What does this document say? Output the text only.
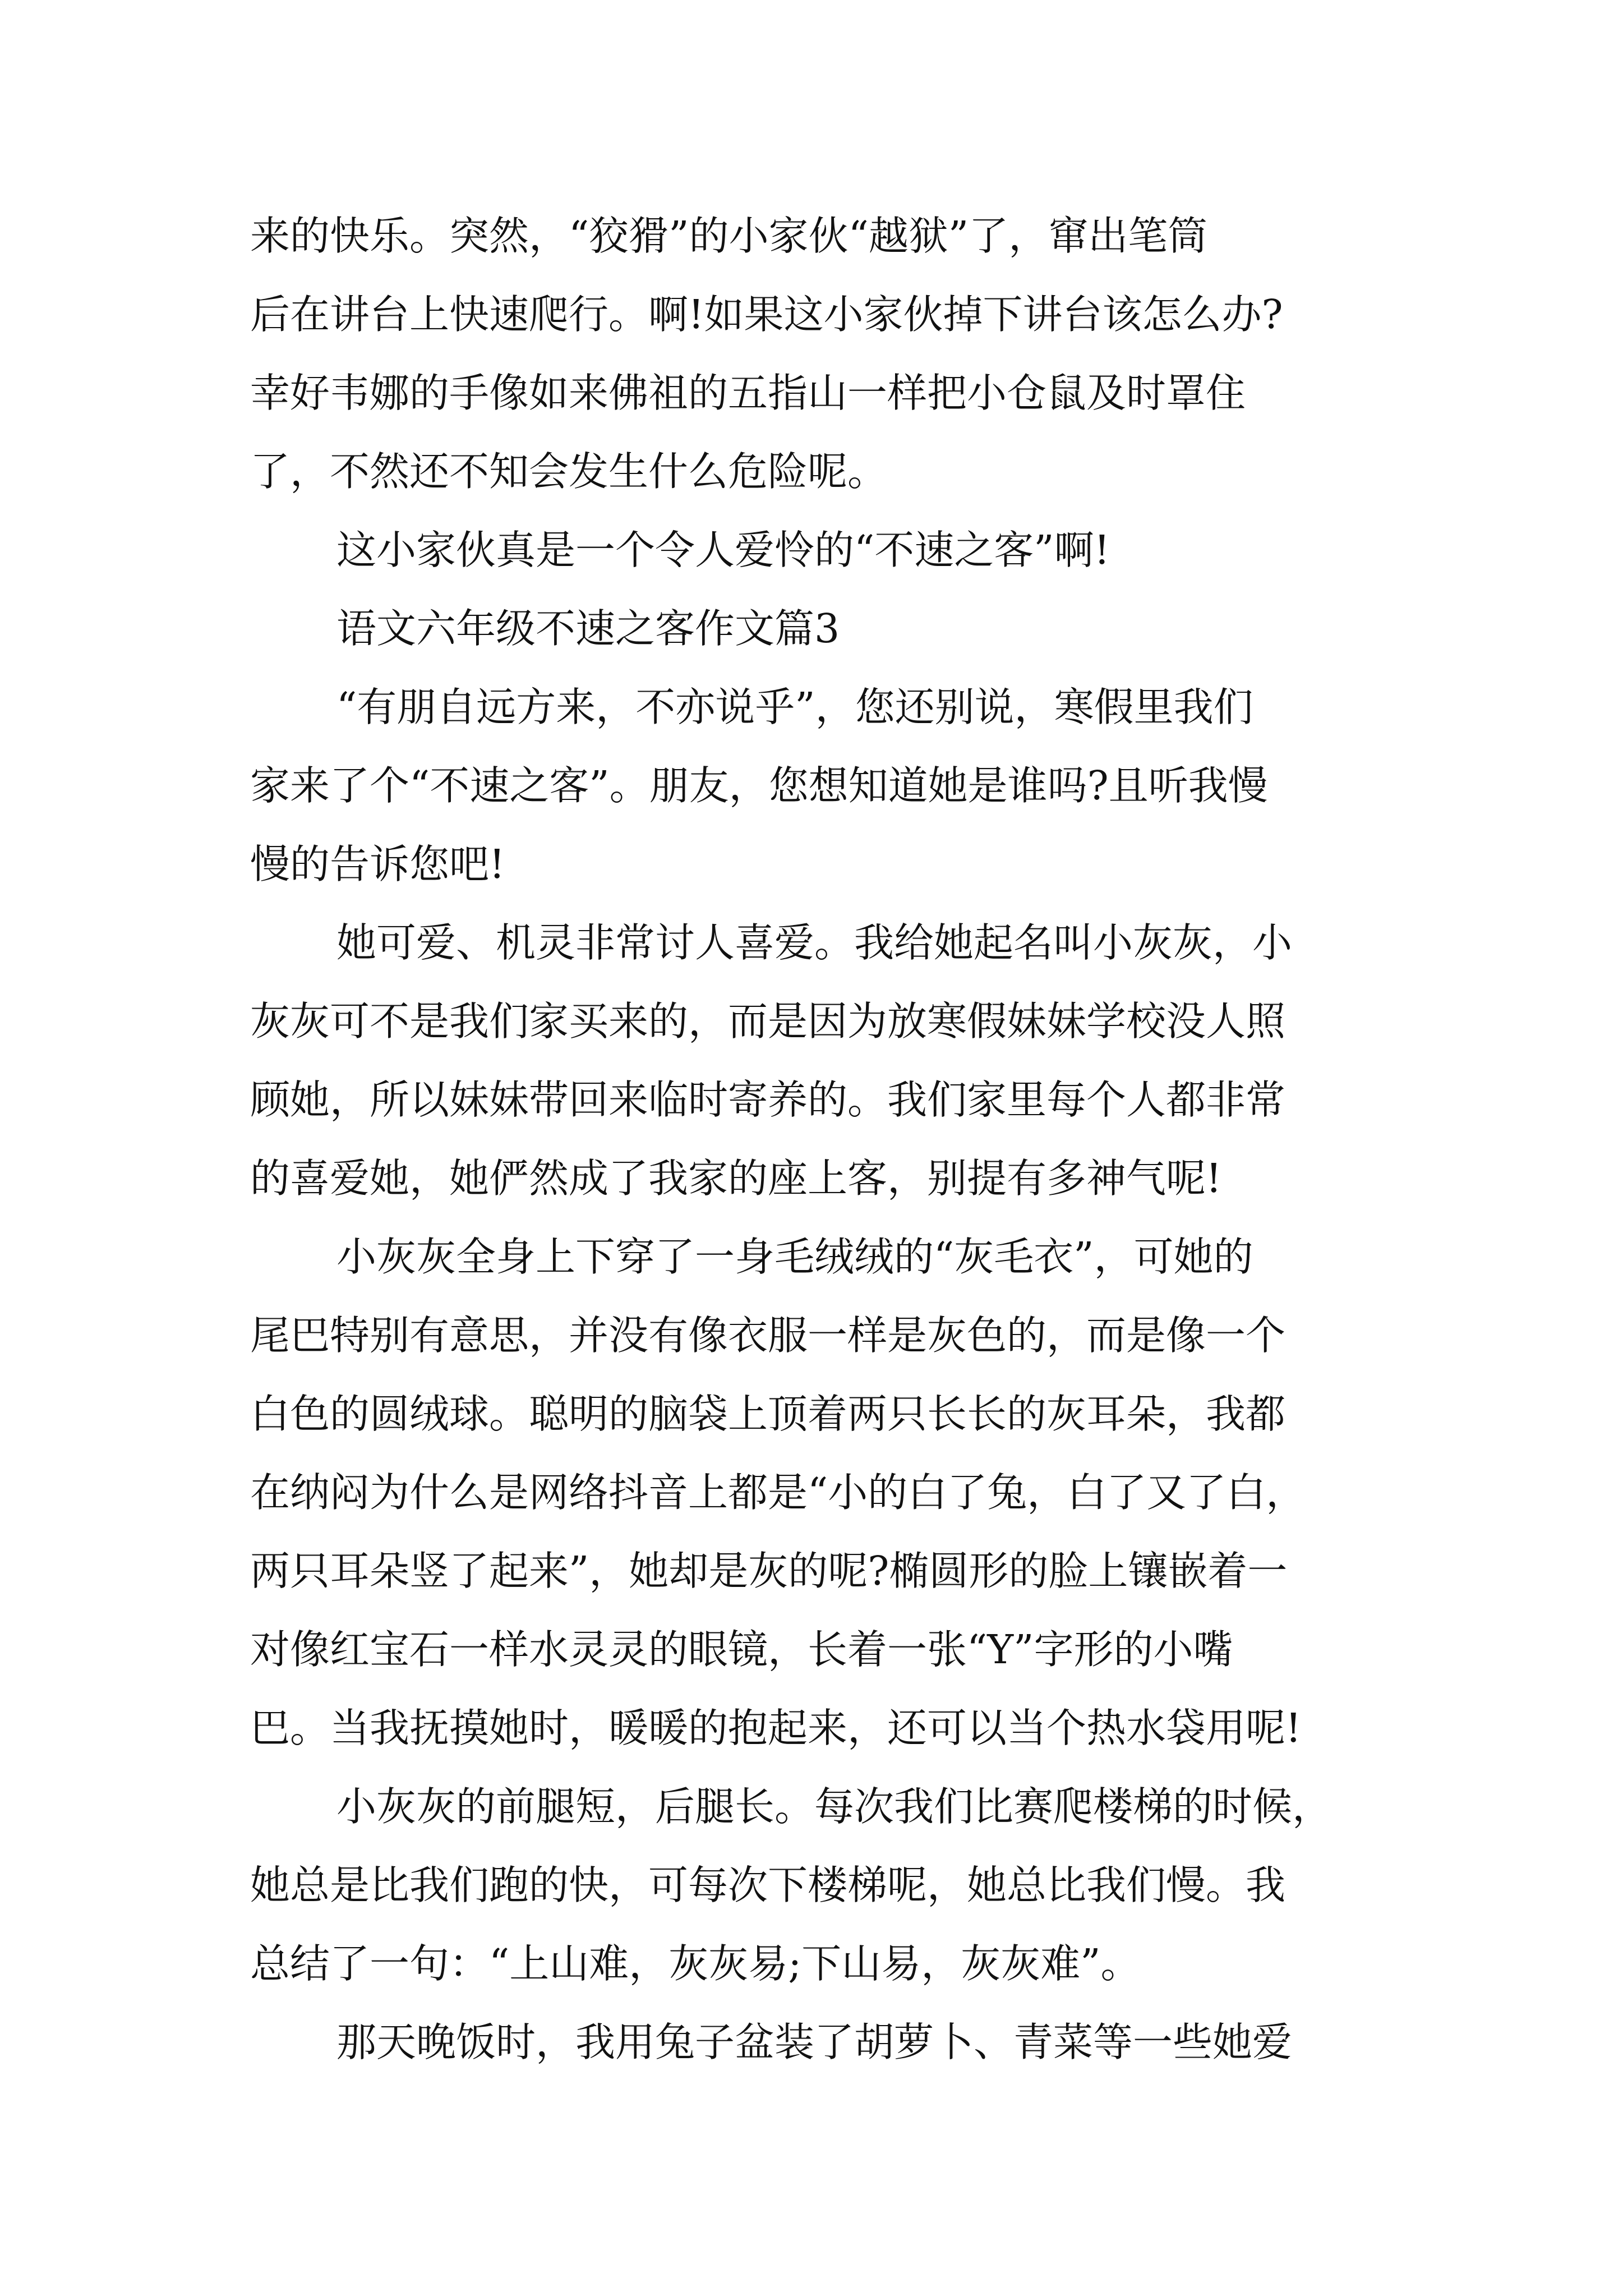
来的快乐。突然，“狡猾”的小家伙“越狱”了，窜出笔筒
后在讲台上快速爬行。啊!如果这小家伙掉下讲台该怎么办?
幸好韦娜的手像如来佛祖的五指山一样把小仓鼠及时罩住
了，不然还不知会发生什么危险呢。
这小家伙真是一个令人爱怜的“不速之客”啊!
语文六年级不速之客作文篇3
“有朋自远方来，不亦说乎”，您还别说，寒假里我们
家来了个“不速之客”。朋友，您想知道她是谁吗?且听我慢
慢的告诉您吧!
她可爱、机灵非常讨人喜爱。我给她起名叫小灰灰，小
灰灰可不是我们家买来的，而是因为放寒假妹妹学校没人照
顾她，所以妹妹带回来临时寄养的。我们家里每个人都非常
的喜爱她，她俨然成了我家的座上客，别提有多神气呢!
小灰灰全身上下穿了一身毛绒绒的“灰毛衣”，可她的
尾巴特别有意思，并没有像衣服一样是灰色的，而是像一个
白色的圆绒球。聪明的脑袋上顶着两只长长的灰耳朵，我都
在纳闷为什么是网络抖音上都是“小的白了兔，白了又了白，
两只耳朵竖了起来”，她却是灰的呢?椭圆形的脸上镶嵌着一
对像红宝石一样水灵灵的眼镜，长着一张“Y”字形的小嘴
巴。当我抚摸她时，暖暖的抱起来，还可以当个热水袋用呢!
小灰灰的前腿短，后腿长。每次我们比赛爬楼梯的时候，
她总是比我们跑的快，可每次下楼梯呢，她总比我们慢。我
总结了一句：“上山难，灰灰易;下山易，灰灰难”。
那天晚饭时，我用兔子盆装了胡萝卜、青菜等一些她爱
